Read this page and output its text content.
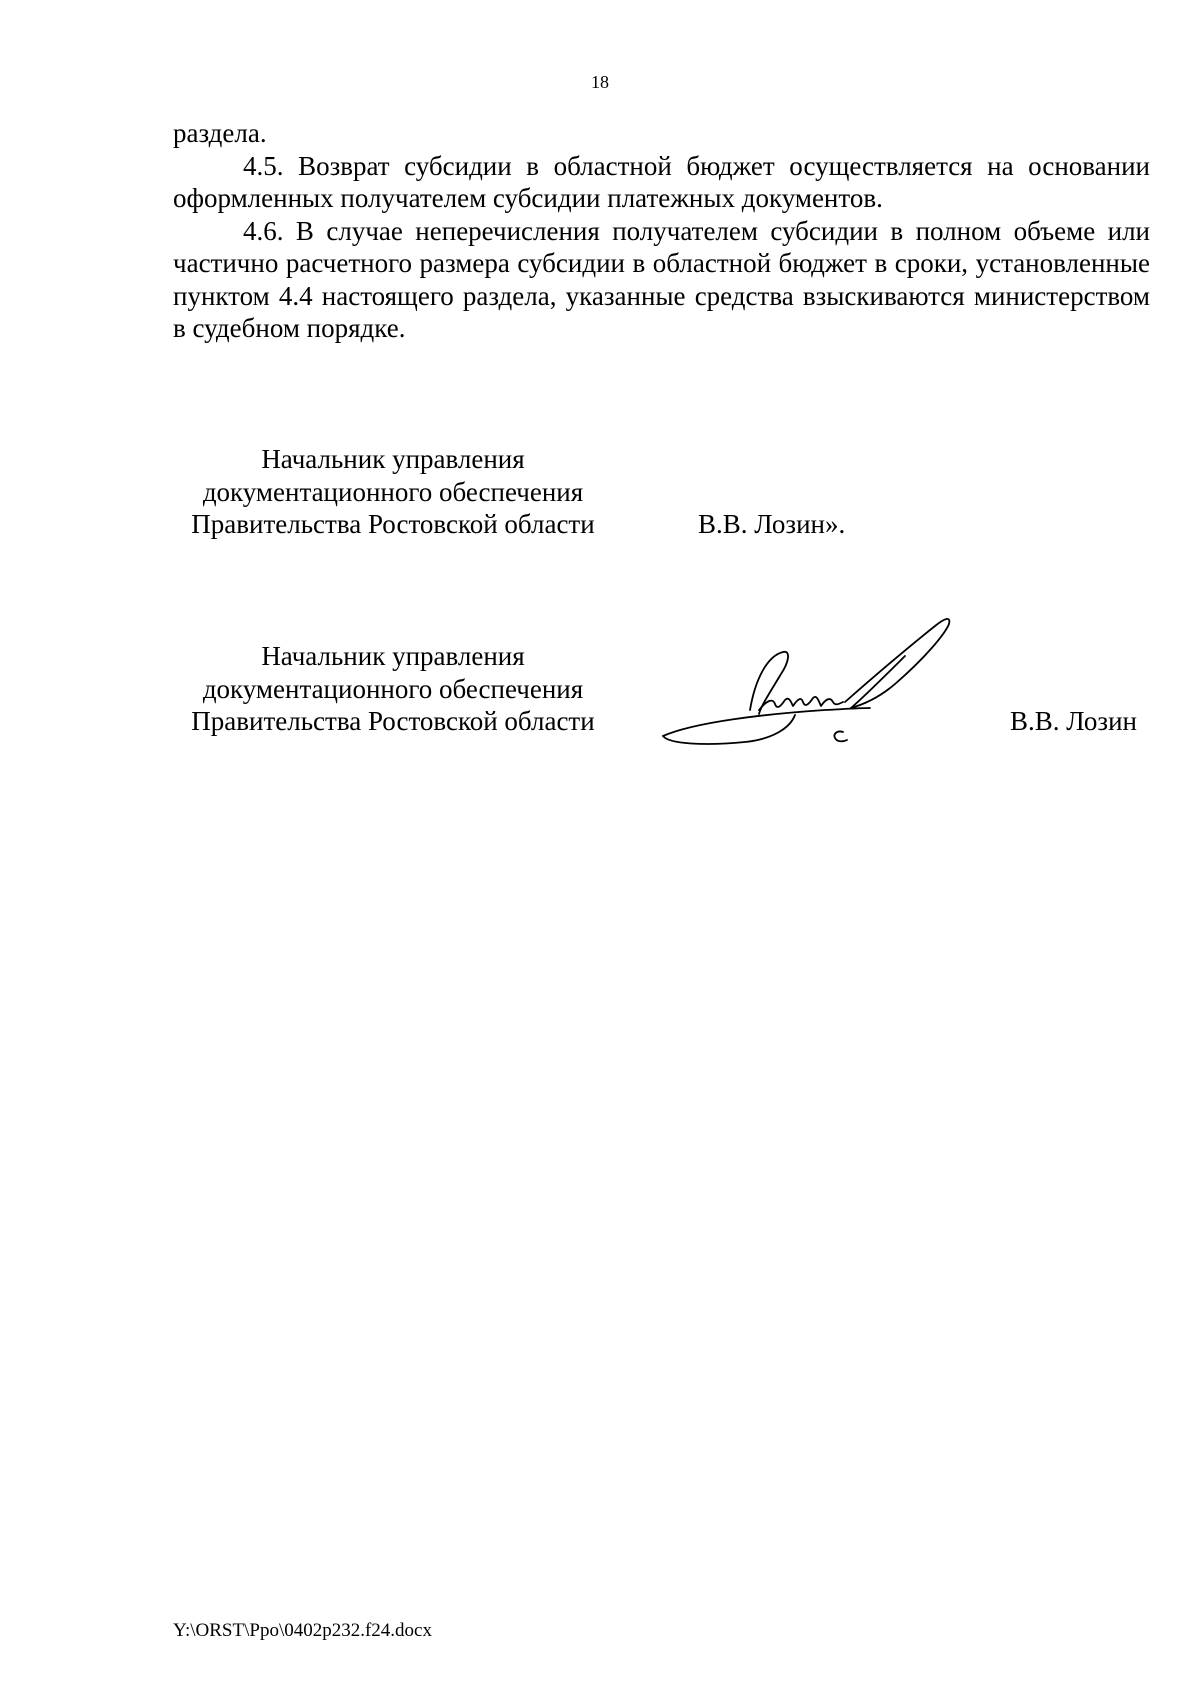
18

раздела.

4.5. Возврат субсидии в областной бюджет осуществляется на основании оформленных получателем субсидии платежных документов.

4.6. В случае неперечисления получателем субсидии в полном объеме или частично расчетного размера субсидии в областной бюджет в сроки, установленные пунктом 4.4 настоящего раздела, указанные средства взыскиваются министерством в судебном порядке.

Начальник управления
документационного обеспечения
Правительства Ростовской области	В.В. Лозин».
Начальник управления
документационного обеспечения
Правительства Ростовской области	В.В. Лозин
Y:\ORST\Ppo\0402p232.f24.docx
